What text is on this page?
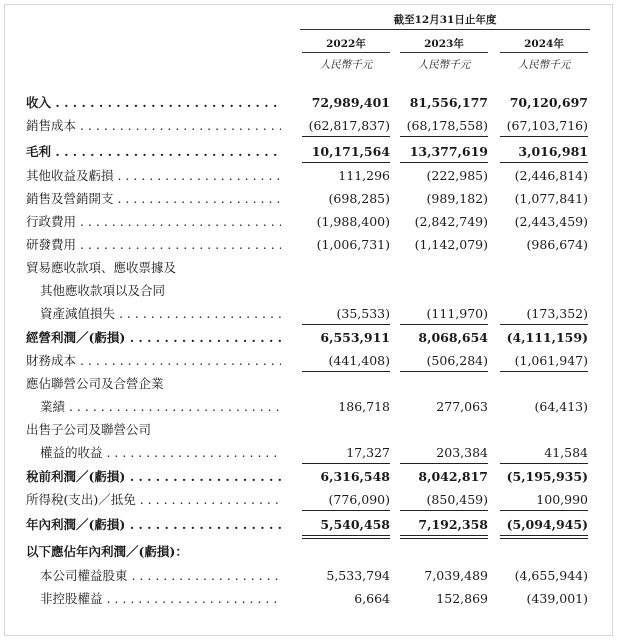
截至12月31日止年度
2022年	2023年	2024年
人民幣千元	人民幣千元	人民幣千元
收入 . . .	72,989,401	81,556,177	70,120,697
銷售成本 . . .	(62,817,837)	(68,178,558)	(67,103,716)
毛利 . . .	10,171,564	13,377,619	3,016,981
其他收益及虧損 . . .	111,296	(222,985)	(2,446,814)
銷售及營銷開支 . . .	(698,285)	(989,182)	(1,077,841)
行政費用 . . .	(1,988,400)	(2,842,749)	(2,443,459)
研發費用 . . .	(1,006,731)	(1,142,079)	(986,674)
貿易應收款項、應收票據及
其他應收款項以及合同
資產減值損失 . . .	(35,533)	(111,970)	(173,352)
經營利潤／(虧損) . . .	6,553,911	8,068,654	(4,111,159)
財務成本 . . .	(441,408)	(506,284)	(1,061,947)
應佔聯營公司及合營企業
業績 . . .	186,718	277,063	(64,413)
出售子公司及聯營公司
權益的收益 . . .	17,327	203,384	41,584
稅前利潤／(虧損) . . .	6,316,548	8,042,817	(5,195,935)
所得稅(支出)／抵免 . . .	(776,090)	(850,459)	100,990
年內利潤／(虧損) . . .	5,540,458	7,192,358	(5,094,945)
以下應佔年內利潤／(虧損)：
本公司權益股東 . . .	5,533,794	7,039,489	(4,655,944)
非控股權益 . . .	6,664	152,869	(439,001)
